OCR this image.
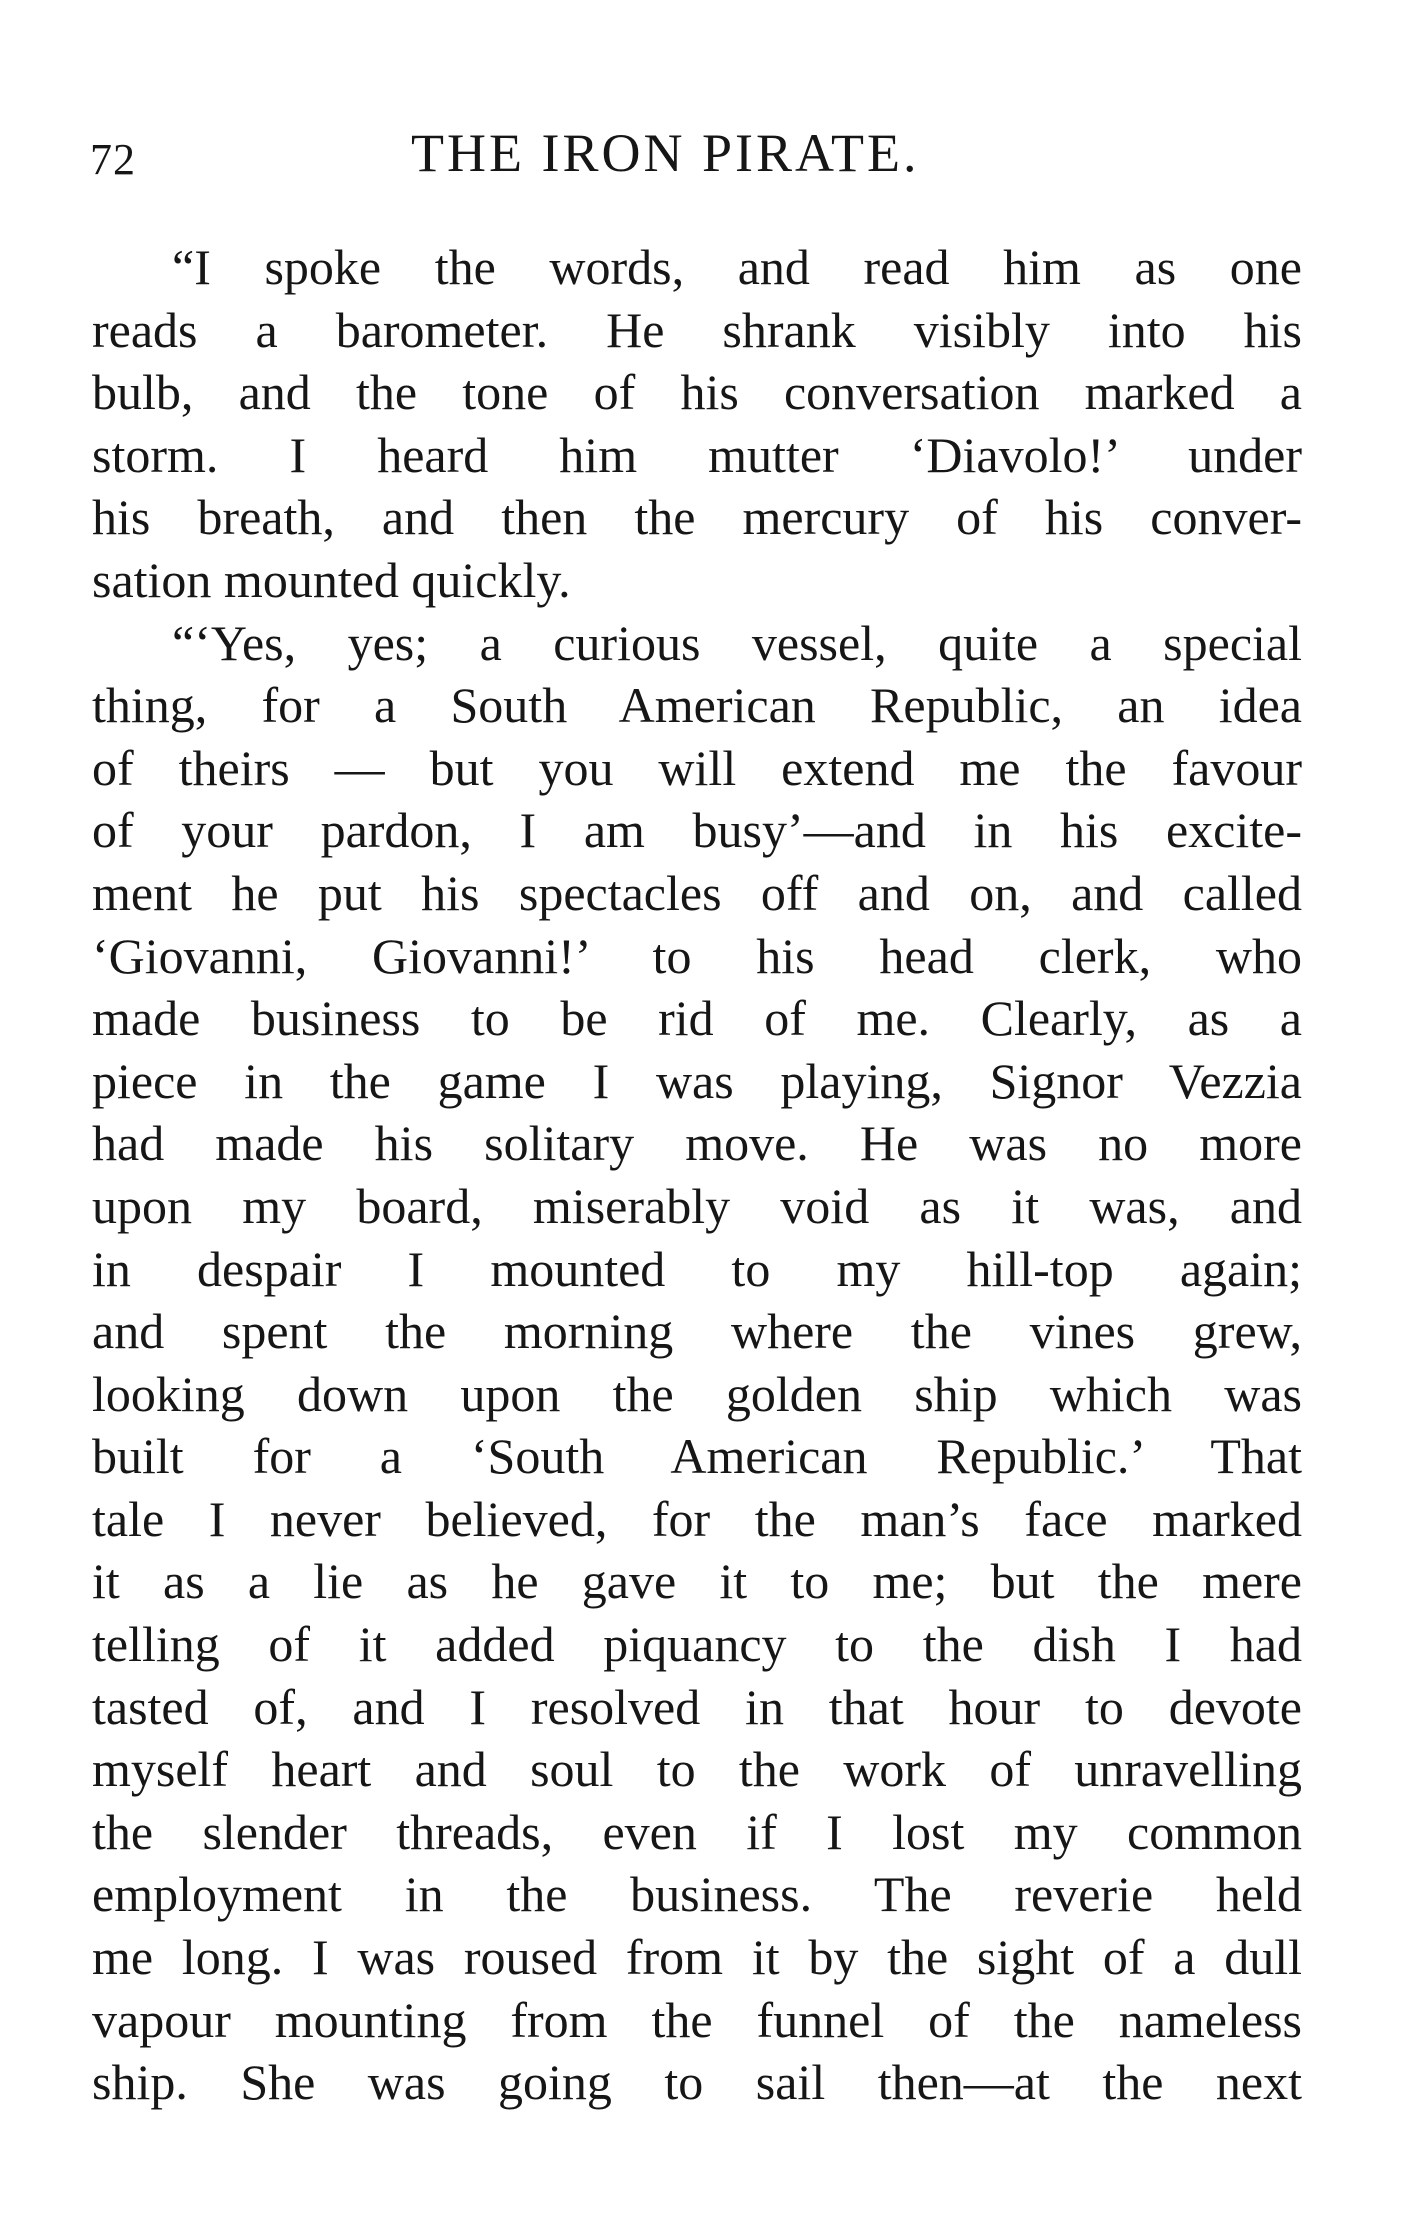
72	THE IRON PIRATE.
“I spoke the words, and read him as one
reads a barometer. He shrank visibly into his
bulb, and the tone of his conversation marked a
storm. I heard him mutter ‘Diavolo!’ under
his breath, and then the mercury of his conver-
sation mounted quickly.
“‘Yes, yes; a curious vessel, quite a special
thing, for a South American Republic, an idea
of theirs — but you will extend me the favour
of your pardon, I am busy’—and in his excite-
ment he put his spectacles off and on, and called
‘Giovanni, Giovanni!’ to his head clerk, who
made business to be rid of me. Clearly, as a
piece in the game I was playing, Signor Vezzia
had made his solitary move. He was no more
upon my board, miserably void as it was, and
in despair I mounted to my hill-top again;
and spent the morning where the vines grew,
looking down upon the golden ship which was
built for a ‘South American Republic.’ That
tale I never believed, for the man’s face marked
it as a lie as he gave it to me; but the mere
telling of it added piquancy to the dish I had
tasted of, and I resolved in that hour to devote
myself heart and soul to the work of unravelling
the slender threads, even if I lost my common
employment in the business. The reverie held
me long. I was roused from it by the sight of a dull
vapour mounting from the funnel of the nameless
ship. She was going to sail then—at the next
